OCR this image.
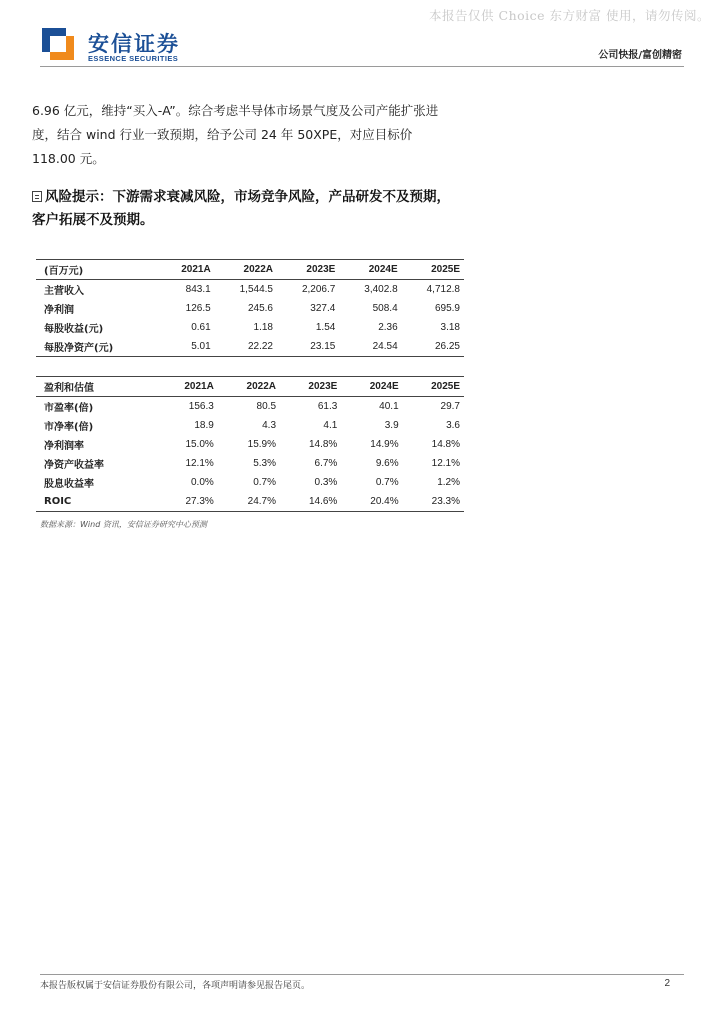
本报告仅供 Choice 东方财富 使用，请勿传阅。
安信证券
ESSENCE SECURITIES	公司快报/富创精密
6.96 亿元，维持“买入-A”。综合考虑半导体市场景气度及公司产能扩张进度，结合 wind 行业一致预期，给予公司 24 年 50XPE，对应目标价 118.00 元。
风险提示：下游需求衰减风险，市场竞争风险，产品研发不及预期，客户拓展不及预期。
(百万元)	2021A	2022A	2023E	2024E	2025E
主营收入	843.1	1,544.5	2,206.7	3,402.8	4,712.8
净利润	126.5	245.6	327.4	508.4	695.9
每股收益(元)	0.61	1.18	1.54	2.36	3.18
每股净资产(元)	5.01	22.22	23.15	24.54	26.25
盈利和估值	2021A	2022A	2023E	2024E	2025E
市盈率(倍)	156.3	80.5	61.3	40.1	29.7
市净率(倍)	18.9	4.3	4.1	3.9	3.6
净利润率	15.0%	15.9%	14.8%	14.9%	14.8%
净资产收益率	12.1%	5.3%	6.7%	9.6%	12.1%
股息收益率	0.0%	0.7%	0.3%	0.7%	1.2%
ROIC	27.3%	24.7%	14.6%	20.4%	23.3%
数据来源：Wind 资讯，安信证券研究中心预测
本报告版权属于安信证券股份有限公司，各项声明请参见报告尾页。	2
